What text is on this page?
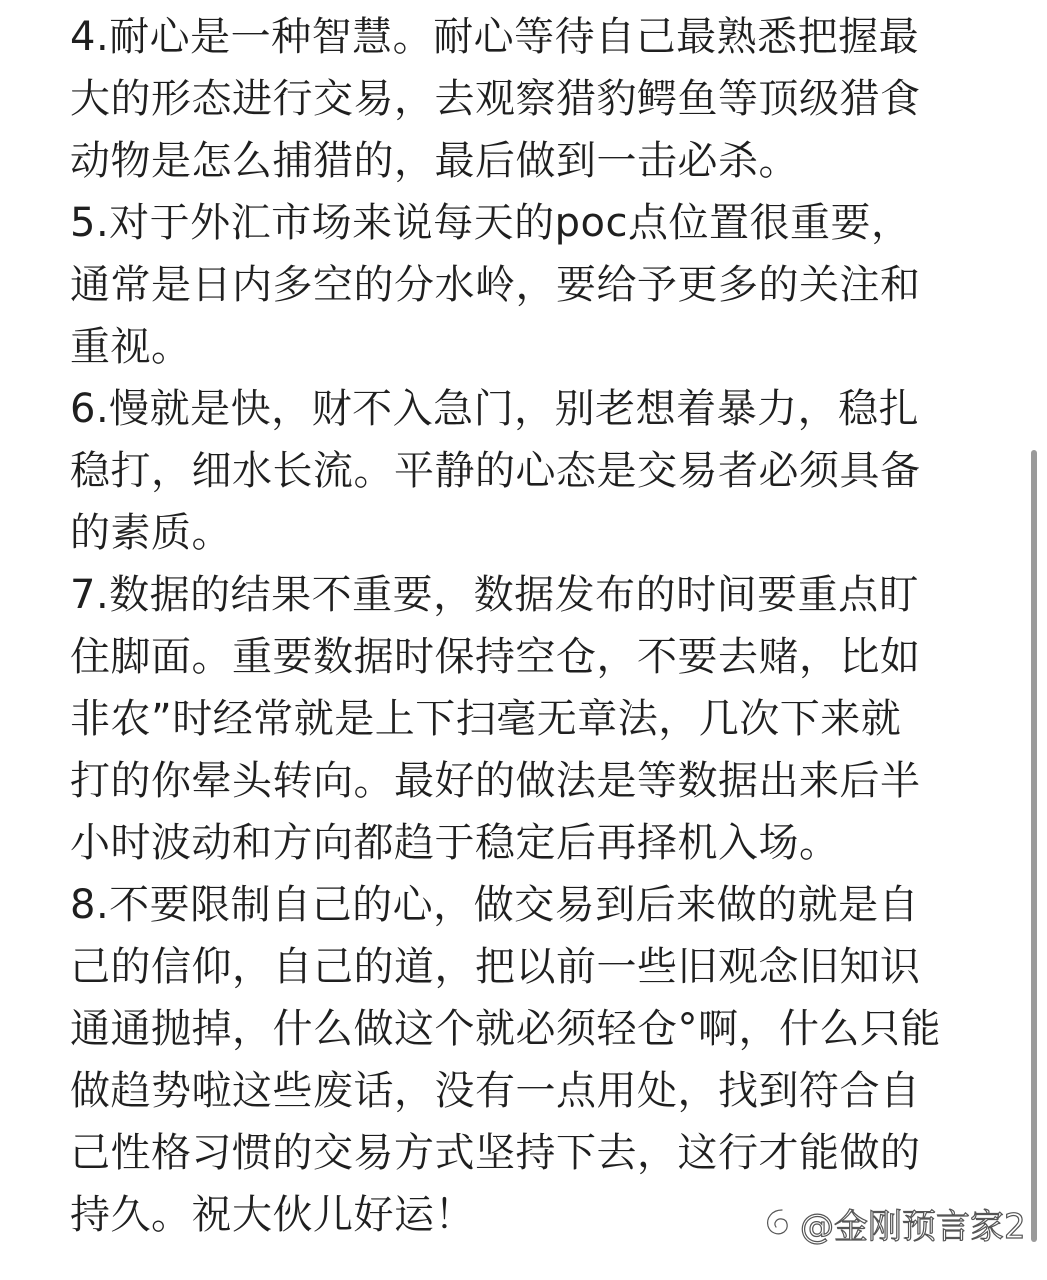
4.耐心是一种智慧。耐心等待自己最熟悉把握最
大的形态进行交易，去观察猎豹鳄鱼等顶级猎食
动物是怎么捕猎的，最后做到一击必杀。
5.对于外汇市场来说每天的poc点位置很重要，
通常是日内多空的分水岭，要给予更多的关注和
重视。
6.慢就是快，财不入急门，别老想着暴力，稳扎
稳打，细水长流。平静的心态是交易者必须具备
的素质。
7.数据的结果不重要，数据发布的时间要重点盯
住脚面。重要数据时保持空仓，不要去赌，比如
非农”时经常就是上下扫毫无章法，几次下来就
打的你晕头转向。最好的做法是等数据出来后半
小时波动和方向都趋于稳定后再择机入场。
8.不要限制自己的心，做交易到后来做的就是自
己的信仰，自己的道，把以前一些旧观念旧知识
通通抛掉，什么做这个就必须轻仓°啊，什么只能
做趋势啦这些废话，没有一点用处，找到符合自
己性格习惯的交易方式坚持下去，这行才能做的
持久。祝大伙儿好运！	@金刚预言家2
